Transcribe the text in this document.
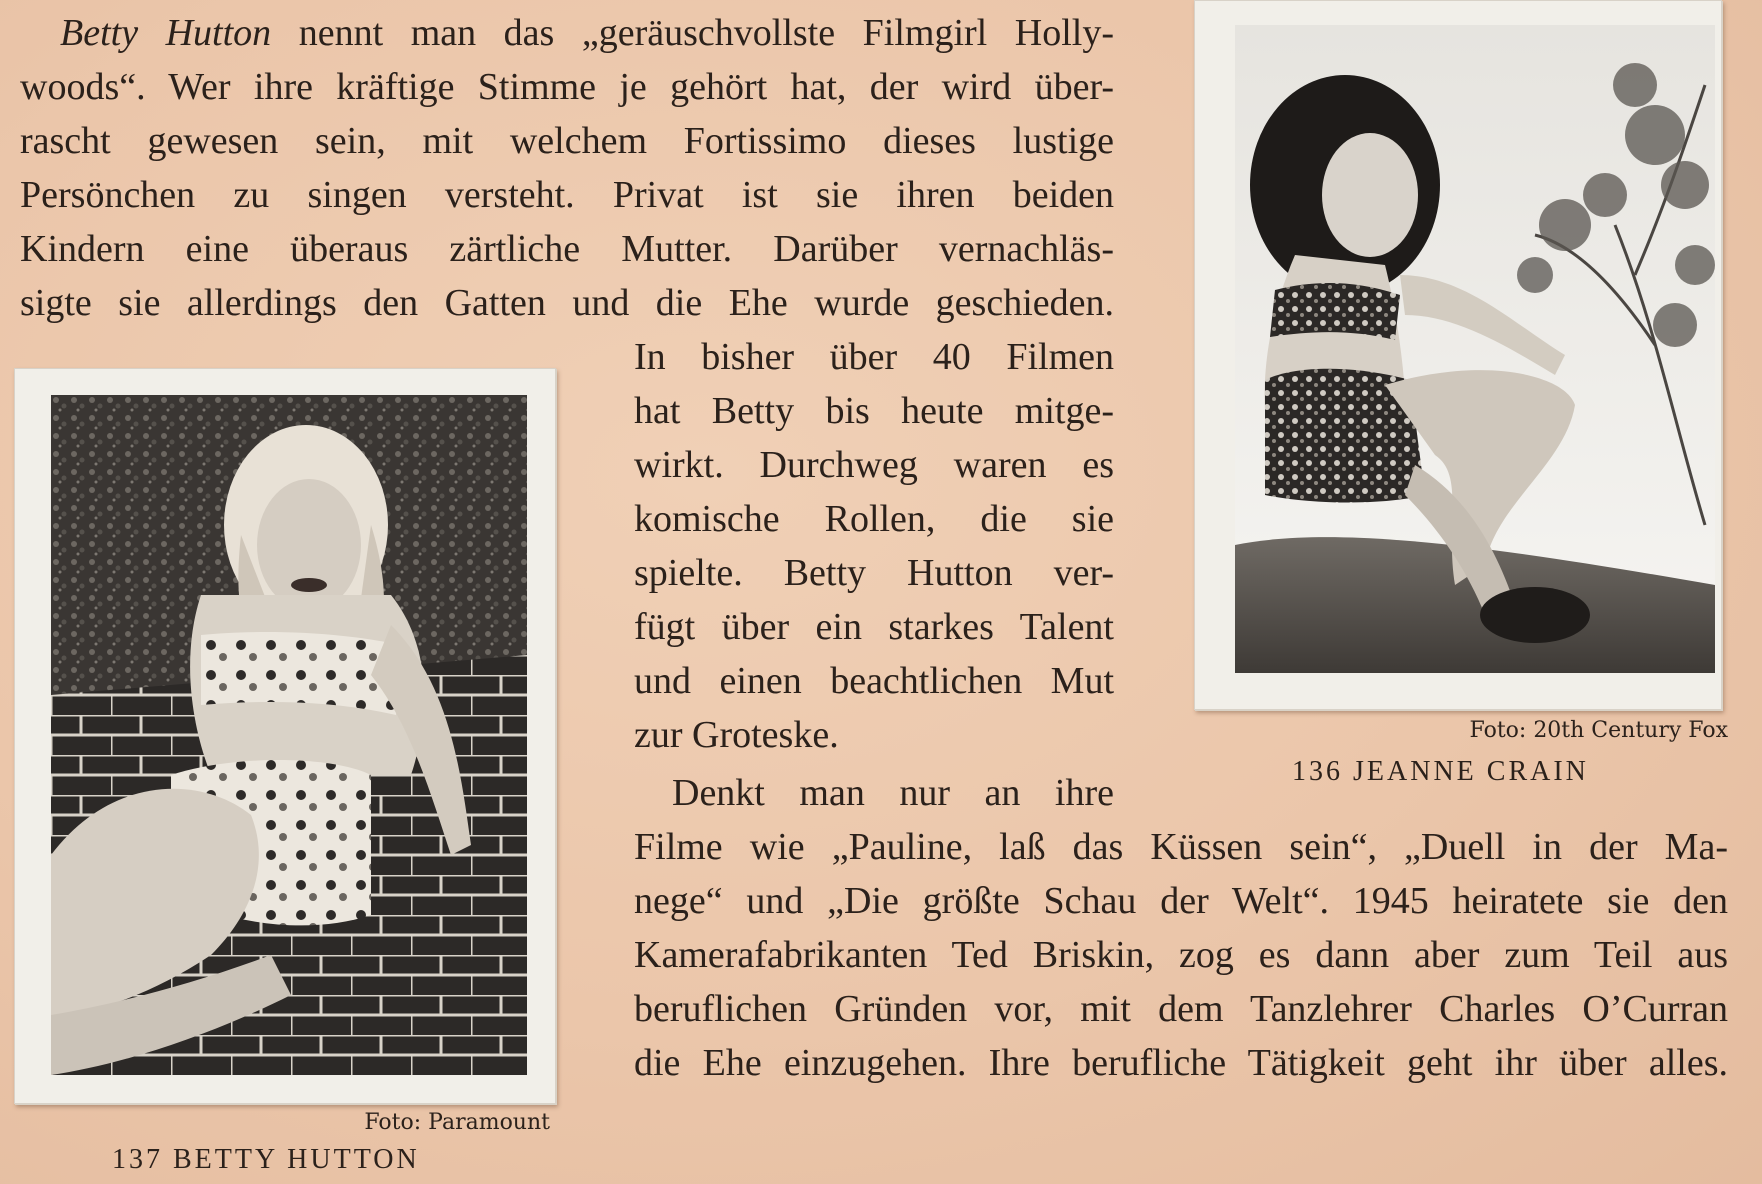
Betty Hutton nennt man das „geräuschvollste Filmgirl Holly-
woods“. Wer ihre kräftige Stimme je gehört hat, der wird über-
rascht gewesen sein, mit welchem Fortissimo dieses lustige
Persönchen zu singen versteht. Privat ist sie ihren beiden
Kindern eine überaus zärtliche Mutter. Darüber vernachläs-
sigte sie allerdings den Gatten und die Ehe wurde geschieden.
In bisher über 40 Filmen
hat Betty bis heute mitge-
wirkt. Durchweg waren es
komische Rollen, die sie
spielte. Betty Hutton ver-
fügt über ein starkes Talent
und einen beachtlichen Mut
zur Groteske.
Denkt man nur an ihre
Filme wie „Pauline, laß das Küssen sein“, „Duell in der Ma-
nege“ und „Die größte Schau der Welt“. 1945 heiratete sie den
Kamerafabrikanten Ted Briskin, zog es dann aber zum Teil aus
beruflichen Gründen vor, mit dem Tanzlehrer Charles O’Curran
die Ehe einzugehen. Ihre berufliche Tätigkeit geht ihr über alles.
Foto: 20th Century Fox
136 JEANNE CRAIN
Foto: Paramount
137 BETTY HUTTON
